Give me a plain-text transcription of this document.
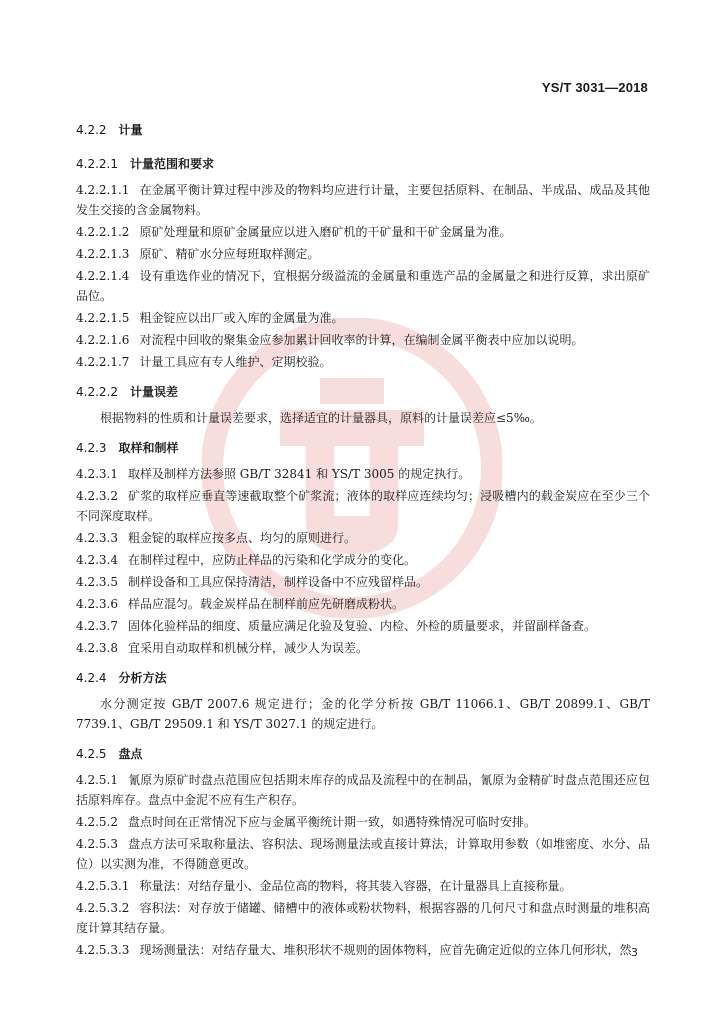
YS/T 3031—2018
4.2.2 计量
4.2.2.1 计量范围和要求
4.2.2.1.1 在金属平衡计算过程中涉及的物料均应进行计量，主要包括原料、在制品、半成品、成品及其他发生交接的含金属物料。
4.2.2.1.2 原矿处理量和原矿金属量应以进入磨矿机的干矿量和干矿金属量为准。
4.2.2.1.3 原矿、精矿水分应每班取样测定。
4.2.2.1.4 设有重选作业的情况下，宜根据分级溢流的金属量和重选产品的金属量之和进行反算，求出原矿品位。
4.2.2.1.5 粗金锭应以出厂或入库的金属量为准。
4.2.2.1.6 对流程中回收的聚集金应参加累计回收率的计算，在编制金属平衡表中应加以说明。
4.2.2.1.7 计量工具应有专人维护、定期校验。
4.2.2.2 计量误差
根据物料的性质和计量误差要求，选择适宜的计量器具，原料的计量误差应≤5‰。
4.2.3 取样和制样
4.2.3.1 取样及制样方法参照 GB/T 32841 和 YS/T 3005 的规定执行。
4.2.3.2 矿浆的取样应垂直等速截取整个矿浆流；液体的取样应连续均匀；浸吸槽内的载金炭应在至少三个不同深度取样。
4.2.3.3 粗金锭的取样应按多点、均匀的原则进行。
4.2.3.4 在制样过程中，应防止样品的污染和化学成分的变化。
4.2.3.5 制样设备和工具应保持清洁，制样设备中不应残留样品。
4.2.3.6 样品应混匀。载金炭样品在制样前应先研磨成粉状。
4.2.3.7 固体化验样品的细度、质量应满足化验及复验、内检、外检的质量要求，并留副样备查。
4.2.3.8 宜采用自动取样和机械分样，减少人为误差。
4.2.4 分析方法
水分测定按 GB/T 2007.6 规定进行；金的化学分析按 GB/T 11066.1、GB/T 20899.1、GB/T 7739.1、GB/T 29509.1 和 YS/T 3027.1 的规定进行。
4.2.5 盘点
4.2.5.1 氰原为原矿时盘点范围应包括期末库存的成品及流程中的在制品，氰原为金精矿时盘点范围还应包括原料库存。盘点中金泥不应有生产积存。
4.2.5.2 盘点时间在正常情况下应与金属平衡统计期一致，如遇特殊情况可临时安排。
4.2.5.3 盘点方法可采取称量法、容积法、现场测量法或直接计算法，计算取用参数（如堆密度、水分、品位）以实测为准，不得随意更改。
4.2.5.3.1 称量法：对结存量小、金品位高的物料，将其装入容器，在计量器具上直接称量。
4.2.5.3.2 容积法：对存放于储罐、储槽中的液体或粉状物料，根据容器的几何尺寸和盘点时测量的堆积高度计算其结存量。
4.2.5.3.3 现场测量法：对结存量大、堆积形状不规则的固体物料，应首先确定近似的立体几何形状，然 3
